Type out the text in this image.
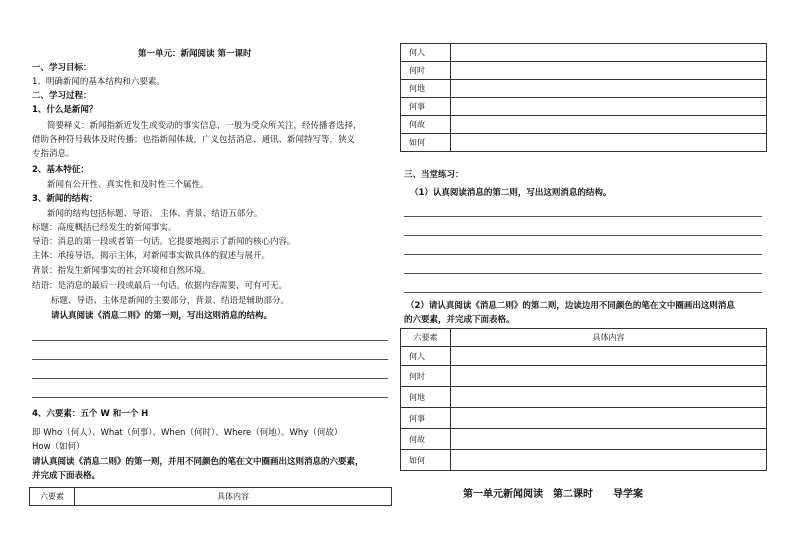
第一单元：新闻阅读 第一课时
一、学习目标：
1、明确新闻的基本结构和六要素。
二、学习过程：
1、什么是新闻？
简要释义：新闻指新近发生或变动的事实信息，一般为受众所关注，经传播者选择，
借助各种符号载体及时传播；也指新闻体裁，广义包括消息、通讯、新闻特写等，狭义
专指消息。
2、基本特征：
新闻有公开性、真实性和及时性三个属性。
3、新闻的结构：
新闻的结构包括标题、导语、 主体、背景、结语五部分。
标题：高度概括已经发生的新闻事实。
导语：消息的第一段或者第一句话。它提要地揭示了新闻的核心内容。
主体：承接导语，揭示主体，对新闻事实做具体的叙述与展开。
背景：指发生新闻事实的社会环境和自然环境。
结语：是消息的最后一段或最后一句话。依据内容需要，可有可无。
标题、导语、主体是新闻的主要部分，背景、结语是辅助部分。
请认真阅读《消息二则》的第一则，写出这则消息的结构。
4、六要素：五个 W 和一个 H
即 Who（何人）、What（何事）、When（何时）、Where（何地）、Why（何故）
How（如何）
请认真阅读《消息二则》的第一则，并用不同颜色的笔在文中圈画出这则消息的六要素，
并完成下面表格。
六要素	具体内容
何人	
何时	
何地	
何事	
何故	
如何	
三、当堂练习：
（1）认真阅读消息的第二则，写出这则消息的结构。
（2）请认真阅读《消息二则》的第二则，边读边用不同颜色的笔在文中圈画出这则消息
的六要素，并完成下面表格。
六要素	具体内容
何人	
何时	
何地	
何事	
何故	
如何	
第一单元新闻阅读　第二课时　　导学案
